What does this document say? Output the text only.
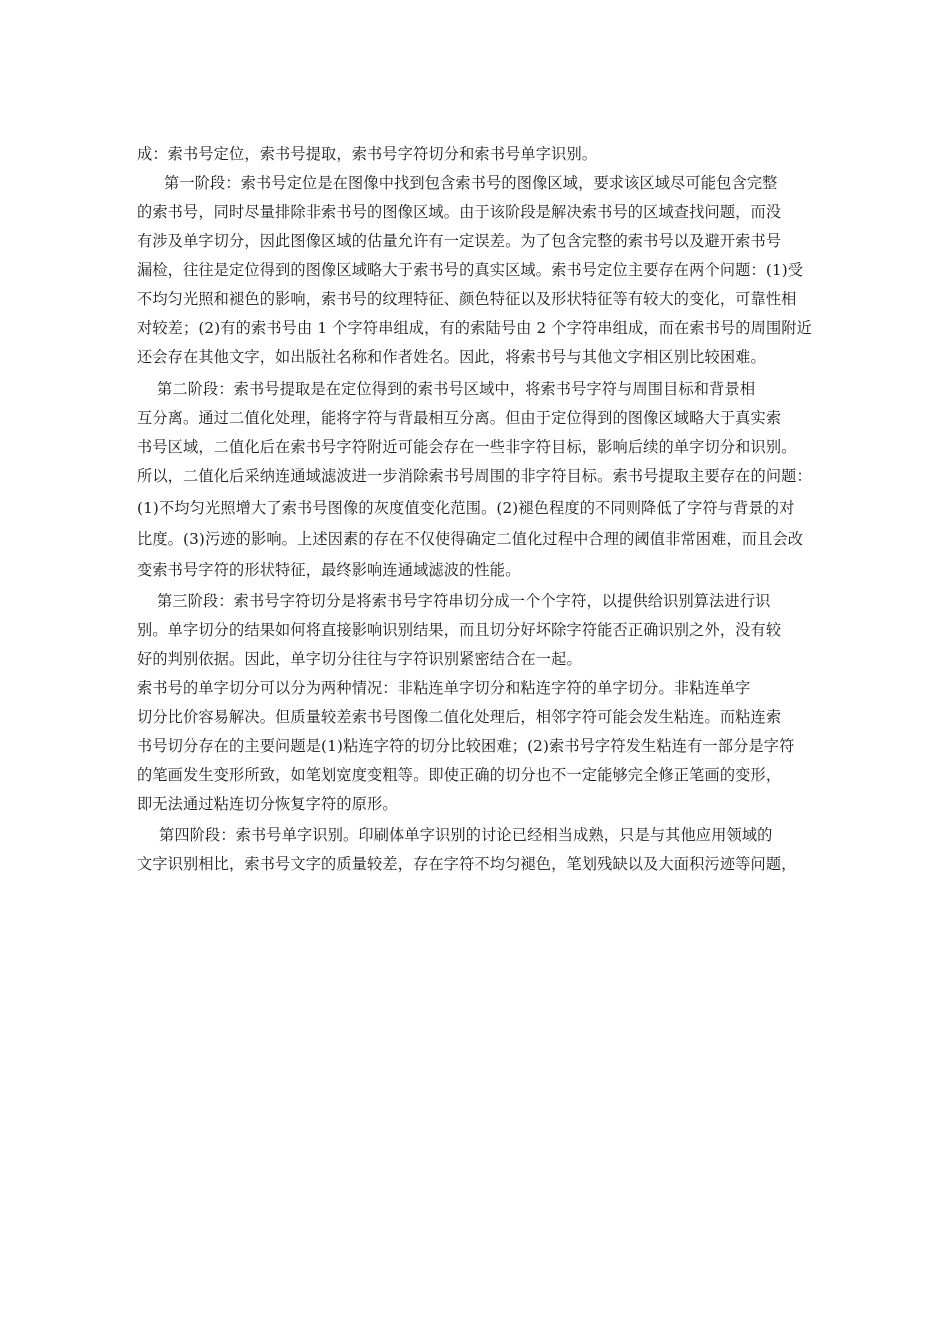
成：索书号定位，索书号提取，索书号字符切分和索书号单字识别。
第一阶段：索书号定位是在图像中找到包含索书号的图像区域，要求该区域尽可能包含完整
的索书号，同时尽量排除非索书号的图像区域。由于该阶段是解决索书号的区域查找问题，而没
有涉及单字切分，因此图像区域的估量允许有一定误差。为了包含完整的索书号以及避开索书号
漏检，往往是定位得到的图像区域略大于索书号的真实区域。索书号定位主要存在两个问题：(1)受
不均匀光照和褪色的影响，索书号的纹理特征、颜色特征以及形状特征等有较大的变化，可靠性相
对较差；(2)有的索书号由 1 个字符串组成，有的索陆号由 2 个字符串组成，而在索书号的周围附近
还会存在其他文字，如出版社名称和作者姓名。因此，将索书号与其他文字相区别比较困难。
第二阶段：索书号提取是在定位得到的索书号区域中，将索书号字符与周围目标和背景相
互分离。通过二值化处理，能将字符与背最相互分离。但由于定位得到的图像区域略大于真实索
书号区域，二值化后在索书号字符附近可能会存在一些非字符目标，影响后续的单字切分和识别。
所以，二值化后采纳连通域滤波进一步消除索书号周围的非字符目标。索书号提取主要存在的问题：
(1)不均匀光照增大了索书号图像的灰度值变化范围。(2)褪色程度的不同则降低了字符与背景的对
比度。(3)污迹的影响。上述因素的存在不仅使得确定二值化过程中合理的阈值非常困难，而且会改
变索书号字符的形状特征，最终影响连通域滤波的性能。
第三阶段：索书号字符切分是将索书号字符串切分成一个个字符，以提供给识别算法进行识
别。单字切分的结果如何将直接影响识别结果，而且切分好坏除字符能否正确识别之外，没有较
好的判别依据。因此，单字切分往往与字符识别紧密结合在一起。
索书号的单字切分可以分为两种情况：非粘连单字切分和粘连字符的单字切分。非粘连单字
切分比价容易解决。但质量较差索书号图像二值化处理后，相邻字符可能会发生粘连。而粘连索
书号切分存在的主要问题是(1)粘连字符的切分比较困难；(2)索书号字符发生粘连有一部分是字符
的笔画发生变形所致，如笔划宽度变粗等。即使正确的切分也不一定能够完全修正笔画的变形，
即无法通过粘连切分恢复字符的原形。
第四阶段：索书号单字识别。印刷体单字识别的讨论已经相当成熟，只是与其他应用领域的
文字识别相比，索书号文字的质量较差，存在字符不均匀褪色，笔划残缺以及大面积污迹等问题，
